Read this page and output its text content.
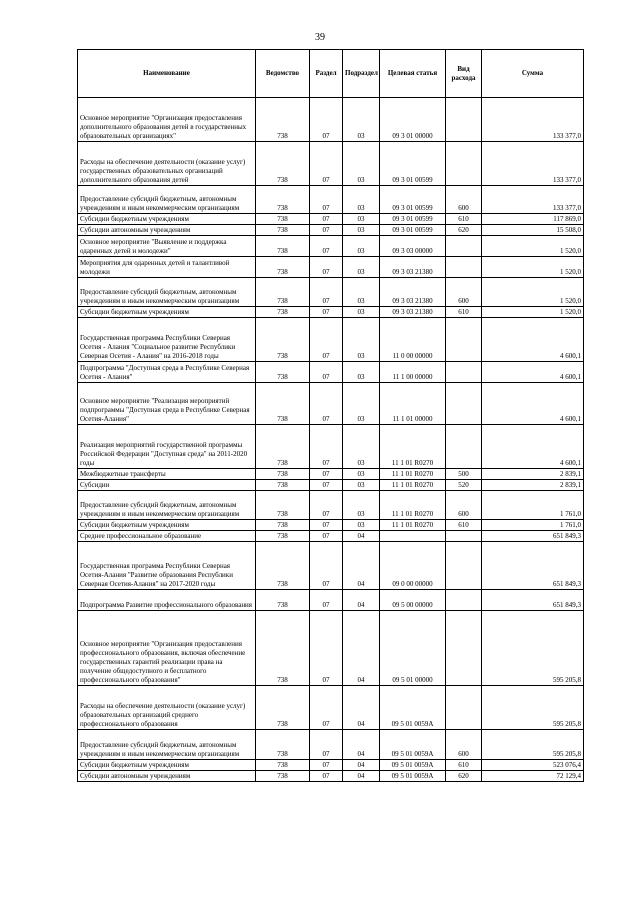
39
Наименование	Ведомство	Раздел	Подраздел	Целевая статья	Вид расхода	Сумма
Основное мероприятие "Организация предоставления дополнительного образования детей в государственных образовательных организациях"	738	07	03	09 3 01 00000		133 377,0
Расходы на обеспечение деятельности (оказание услуг) государственных образовательных организаций дополнительного образования детей	738	07	03	09 3 01 00599		133 377,0
Предоставление субсидий бюджетным, автономным учреждениям и иным некоммерческим организациям	738	07	03	09 3 01 00599	600	133 377,0
Субсидии бюджетным учреждениям	738	07	03	09 3 01 00599	610	117 869,0
Субсидии автономным учреждениям	738	07	03	09 3 01 00599	620	15 508,0
Основное мероприятие "Выявление и поддержка одаренных детей и молодежи"	738	07	03	09 3 03 00000		1 520,0
Мероприятия для одаренных детей и талантливой молодежи	738	07	03	09 3 03 21380		1 520,0
Предоставление субсидий бюджетным, автономным учреждениям и иным некоммерческим организациям	738	07	03	09 3 03 21380	600	1 520,0
Субсидии бюджетным учреждениям	738	07	03	09 3 03 21380	610	1 520,0
Государственная программа Республики Северная Осетия - Алания "Социальное развитие Республики Северная Осетия - Алания" на 2016-2018 годы	738	07	03	11 0 00 00000		4 600,1
Подпрограмма "Доступная среда в Республике Северная Осетия - Алания"	738	07	03	11 1 00 00000		4 600,1
Основное мероприятие "Реализация мероприятий подпрограммы "Доступная среда в Республике Северная Осетия-Алания"	738	07	03	11 1 01 00000		4 600,1
Реализация мероприятий государственной программы Российской Федерации "Доступная среда" на 2011-2020 годы	738	07	03	11 1 01 R0270		4 600,1
Межбюджетные трансферты	738	07	03	11 1 01 R0270	500	2 839,1
Субсидии	738	07	03	11 1 01 R0270	520	2 839,1
Предоставление субсидий бюджетным, автономным учреждениям и иным некоммерческим организациям	738	07	03	11 1 01 R0270	600	1 761,0
Субсидии бюджетным учреждениям	738	07	03	11 1 01 R0270	610	1 761,0
Среднее профессиональное образование	738	07	04			651 849,3
Государственная программа Республики Северная Осетия-Алания "Развитие образования Республики Северная Осетия-Алания" на 2017-2020 годы	738	07	04	09 0 00 00000		651 849,3
Подпрограмма Развитие профессионального образования	738	07	04	09 5 00 00000		651 849,3
Основное мероприятие "Организация предоставления профессионального образования, включая обеспечение государственных гарантий реализации права на получение общедоступного и бесплатного профессионального образования"	738	07	04	09 5 01 00000		595 205,8
Расходы на обеспечение деятельности (оказание услуг) образовательных организаций среднего профессионального образования	738	07	04	09 5 01 0059А		595 205,8
Предоставление субсидий бюджетным, автономным учреждениям и иным некоммерческим организациям	738	07	04	09 5 01 0059А	600	595 205,8
Субсидии бюджетным учреждениям	738	07	04	09 5 01 0059А	610	523 076,4
Субсидии автономным учреждениям	738	07	04	09 5 01 0059А	620	72 129,4
